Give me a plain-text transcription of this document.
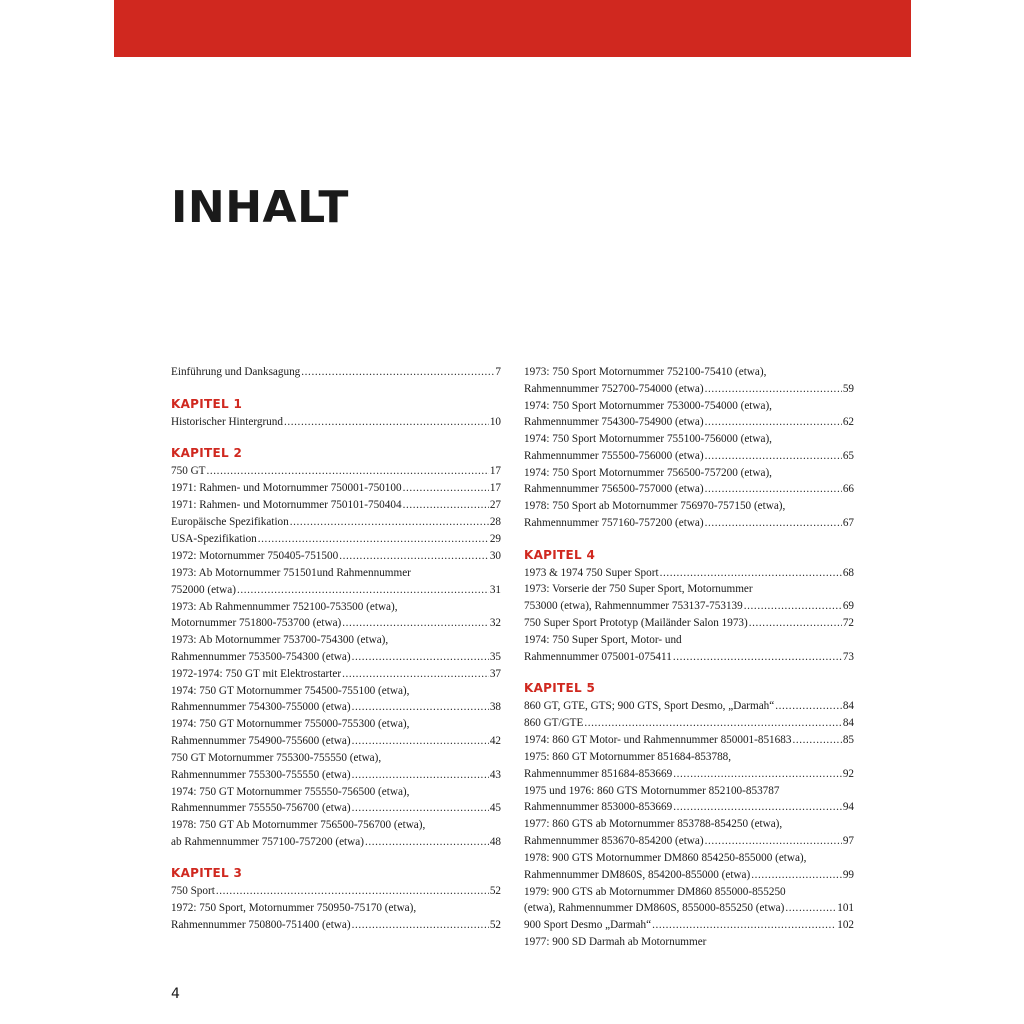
INHALT
Einführung und Danksagung . . .	7
KAPITEL 1
Historischer Hintergrund . . .	10
KAPITEL 2
750 GT . . .	17
1971: Rahmen- und Motornummer 750001-750100 . . .	17
1971: Rahmen- und Motornummer 750101-750404 . . .	27
Europäische Spezifikation . . .	28
USA-Spezifikation . . .	29
1972: Motornummer 750405-751500 . . .	30
1973: Ab Motornummer 751501und Rahmennummer
752000 (etwa) . . .	31
1973: Ab Rahmennummer 752100-753500 (etwa),
Motornummer 751800-753700 (etwa) . . .	32
1973: Ab Motornummer 753700-754300 (etwa),
Rahmennummer 753500-754300 (etwa) . . .	35
1972-1974: 750 GT mit Elektrostarter . . .	37
1974: 750 GT Motornummer 754500-755100 (etwa),
Rahmennummer 754300-755000 (etwa) . . .	38
1974: 750 GT Motornummer 755000-755300 (etwa),
Rahmennummer 754900-755600 (etwa) . . .	42
750 GT Motornummer 755300-755550 (etwa),
Rahmennummer 755300-755550 (etwa) . . .	43
1974: 750 GT Motornummer 755550-756500 (etwa),
Rahmennummer 755550-756700 (etwa) . . .	45
1978: 750 GT Ab Motornummer 756500-756700 (etwa),
ab Rahmennummer 757100-757200 (etwa) . . .	48
KAPITEL 3
750 Sport . . .	52
1972: 750 Sport, Motornummer 750950-75170 (etwa),
Rahmennummer 750800-751400 (etwa) . . .	52
1973: 750 Sport Motornummer 752100-75410 (etwa),
Rahmennummer 752700-754000 (etwa) . . .	59
1974: 750 Sport Motornummer 753000-754000 (etwa),
Rahmennummer 754300-754900 (etwa) . . .	62
1974: 750 Sport Motornummer 755100-756000 (etwa),
Rahmennummer 755500-756000 (etwa) . . .	65
1974: 750 Sport Motornummer 756500-757200 (etwa),
Rahmennummer 756500-757000 (etwa) . . .	66
1978: 750 Sport ab Motornummer 756970-757150 (etwa),
Rahmennummer 757160-757200 (etwa) . . .	67
KAPITEL 4
1973 & 1974 750 Super Sport . . .	68
1973: Vorserie der 750 Super Sport, Motornummer
753000 (etwa), Rahmennummer 753137-753139 . . .	69
750 Super Sport Prototyp (Mailänder Salon 1973) . . .	72
1974: 750 Super Sport, Motor- und
Rahmennummer 075001-075411 . . .	73
KAPITEL 5
860 GT, GTE, GTS; 900 GTS, Sport Desmo, „Darmah“ . . .	84
860 GT/GTE . . .	84
1974: 860 GT Motor- und Rahmennummer 850001-851683 . . .	85
1975: 860 GT Motornummer 851684-853788,
Rahmennummer 851684-853669 . . .	92
1975 und 1976: 860 GTS Motornummer 852100-853787
Rahmennummer 853000-853669 . . .	94
1977: 860 GTS ab Motornummer 853788-854250 (etwa),
Rahmennummer 853670-854200 (etwa) . . .	97
1978: 900 GTS Motornummer DM860 854250-855000 (etwa),
Rahmennummer DM860S, 854200-855000 (etwa) . . .	99
1979: 900 GTS ab Motornummer DM860 855000-855250
(etwa), Rahmennummer DM860S, 855000-855250 (etwa) . . .	101
900 Sport Desmo „Darmah“ . . .	102
1977: 900 SD Darmah ab Motornummer
4
